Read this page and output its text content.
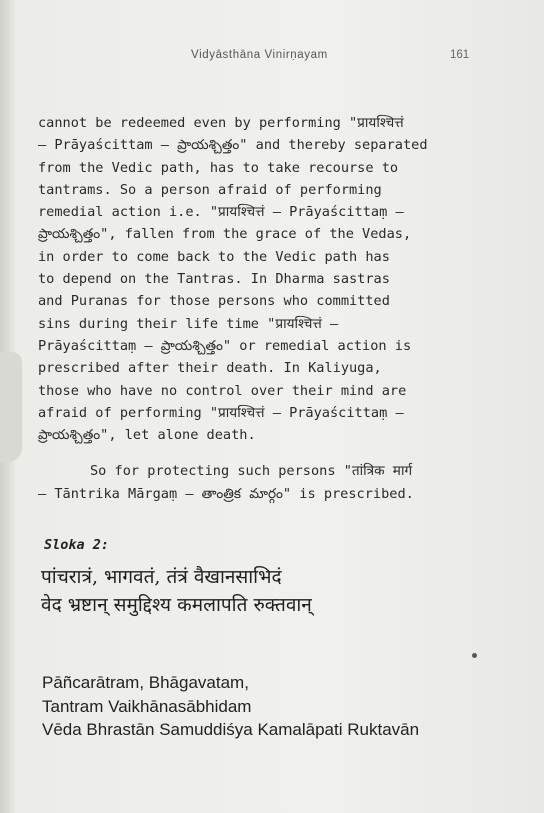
Vidyāsthāna Vinirṇayam	161

cannot be redeemed even by performing "प्रायश्चित्तं
– Prāyaścittam – ప్రాయశ్చిత్తం" and thereby separated
from the Vedic path, has to take recourse to
tantrams. So a person afraid of performing
remedial action i.e. "प्रायश्चित्तं – Prāyaścittaṃ –
ప్రాయశ్చిత్తం", fallen from the grace of the Vedas,
in order to come back to the Vedic path has
to depend on the Tantras. In Dharma sastras
and Puranas for those persons who committed
sins during their life time "प्रायश्चित्तं –
Prāyaścittaṃ – ప్రాయశ్చిత్తం" or remedial action is
prescribed after their death. In Kaliyuga,
those who have no control over their mind are
afraid of performing "प्रायश्चित्तं – Prāyaścittaṃ –
ప్రాయశ్చిత్తం", let alone death.

So for protecting such persons "तांत्रिक मार्ग
– Tāntrika Mārgaṃ – తాంత్రిక మార్గం" is prescribed.

Sloka 2:
पांचरात्रं, भागवतं, तंत्रं वैखानसाभिदं
वेद भ्रष्टान् समुद्दिश्य कमलापति रुक्तवान्
Pāñcarātram, Bhāgavatam,
Tantram Vaikhānasābhidam
Vēda Bhrastān Samuddiśya Kamalāpati Ruktavān
